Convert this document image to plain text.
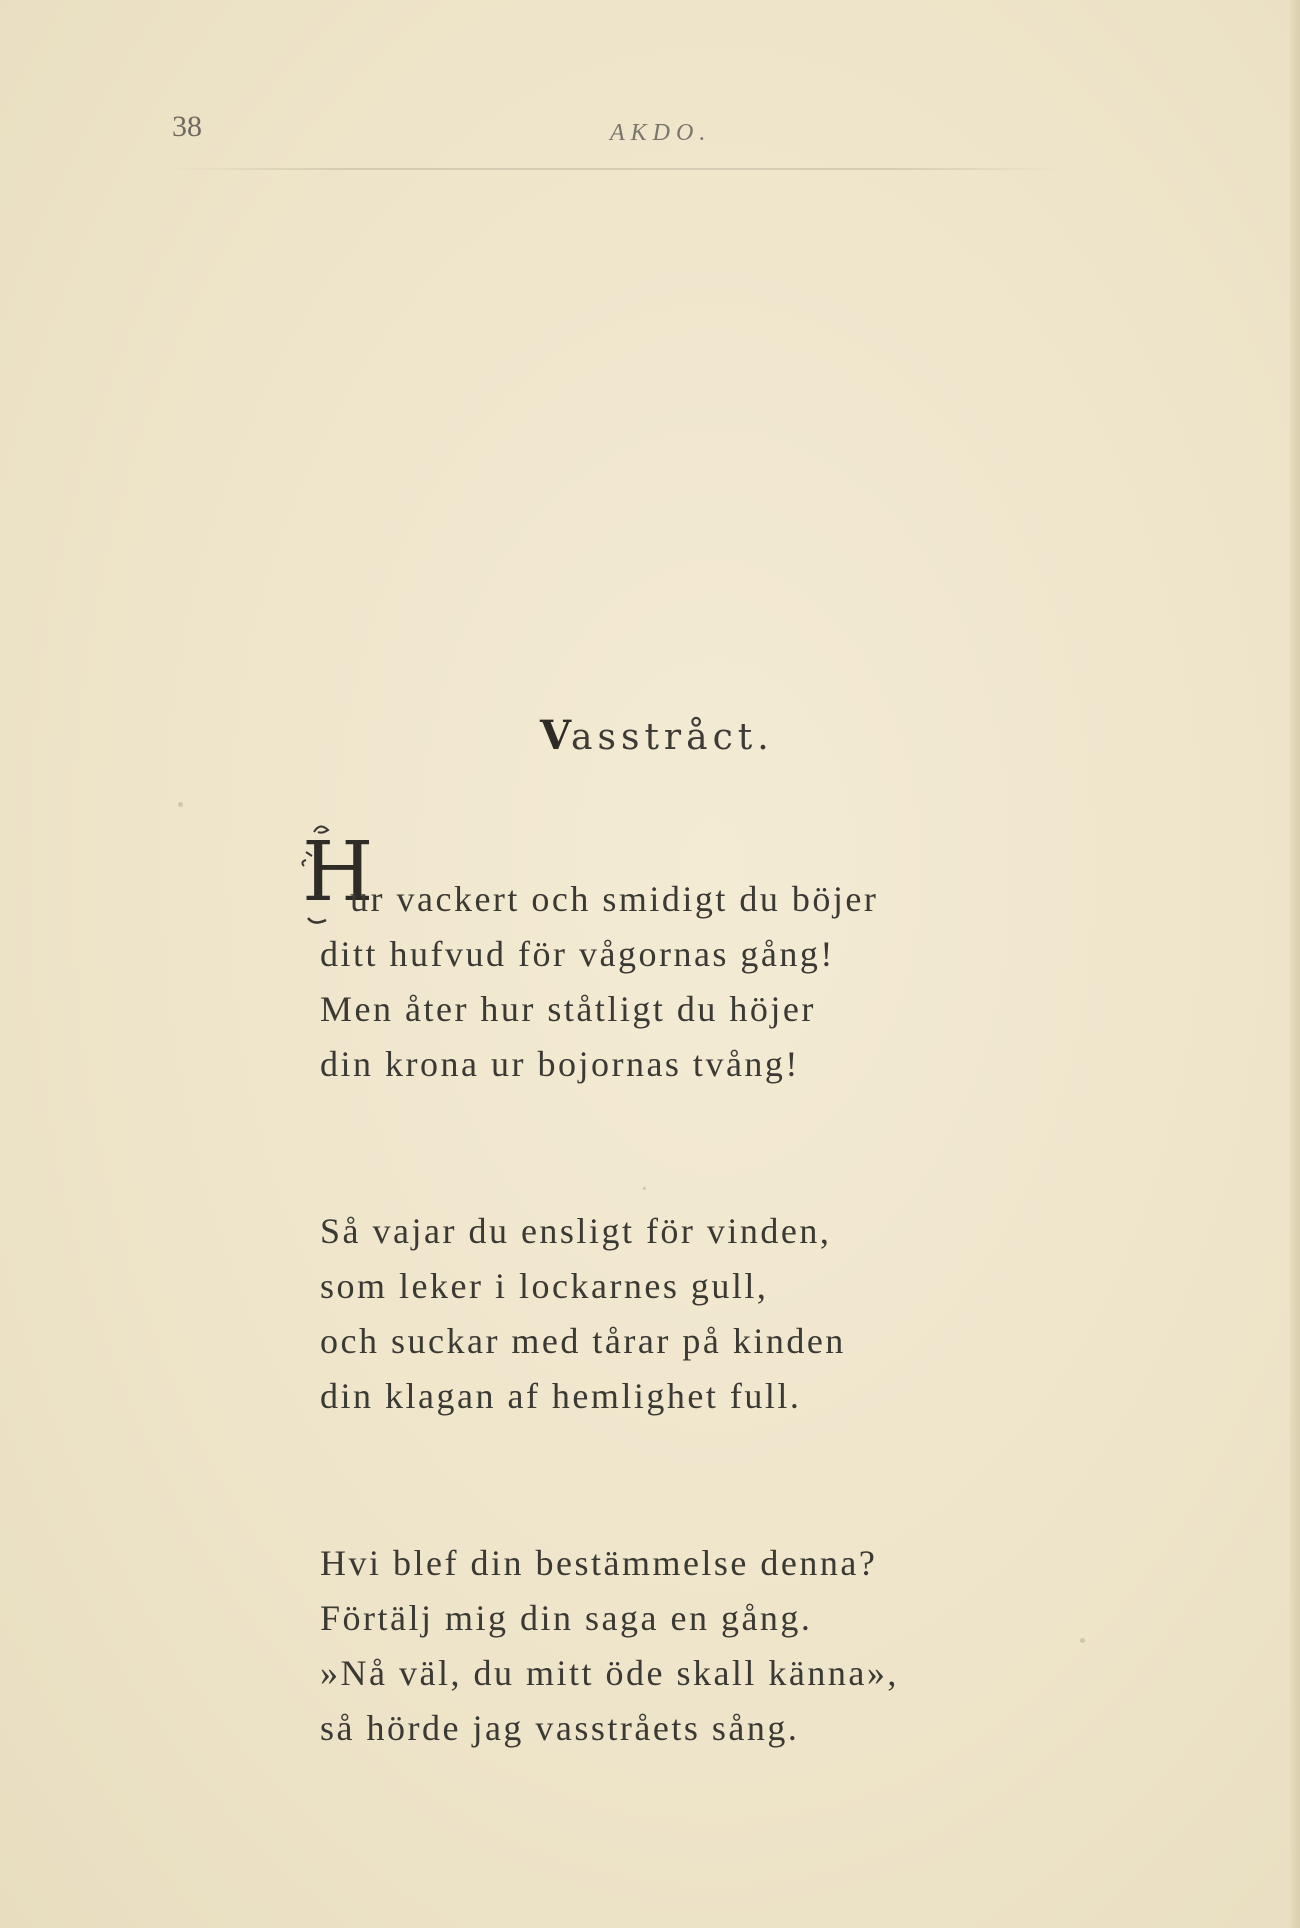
38	AKDO.
Vasstråct.
H
ur vackert och smidigt du böjer
ditt hufvud för vågornas gång!
Men åter hur ståtligt du höjer
din krona ur bojornas tvång!
Så vajar du ensligt för vinden,
som leker i lockarnes gull,
och suckar med tårar på kinden
din klagan af hemlighet full.
Hvi blef din bestämmelse denna?
Förtälj mig din saga en gång.
»Nå väl, du mitt öde skall känna»,
så hörde jag vasstråets sång.
